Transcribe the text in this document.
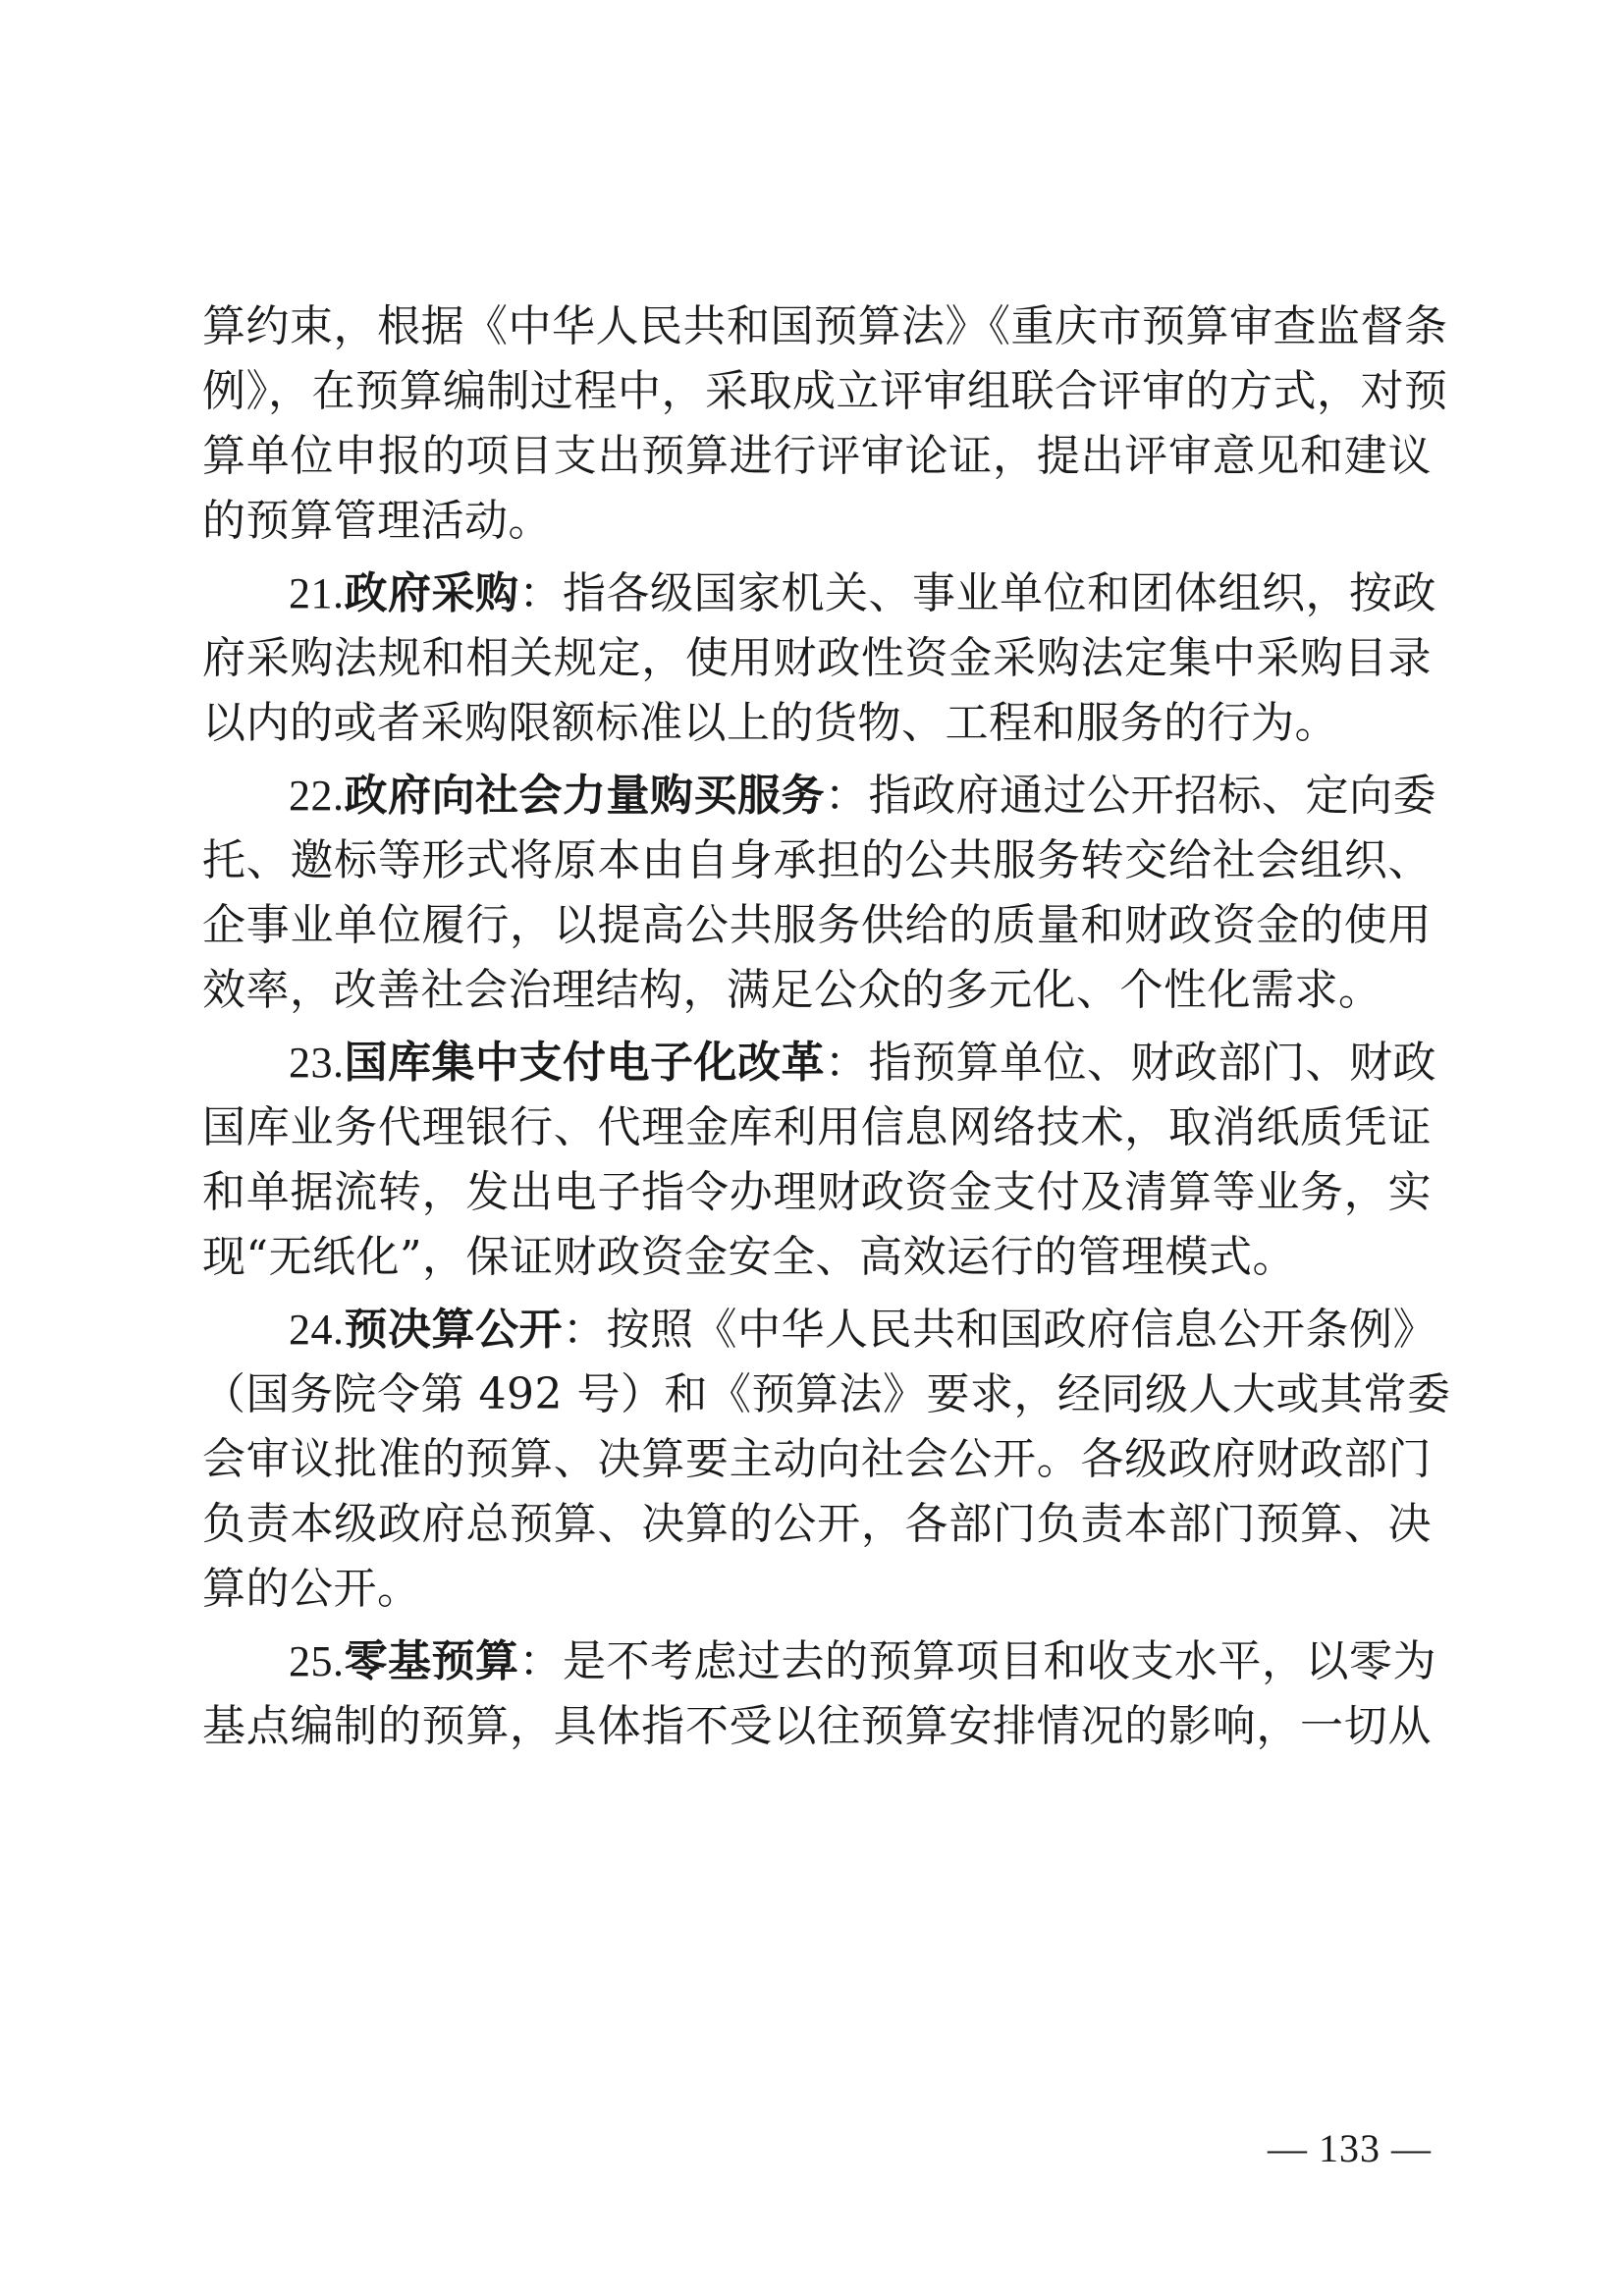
算约束，根据《中华人民共和国预算法》《重庆市预算审查监督条
例》，在预算编制过程中，采取成立评审组联合评审的方式，对预
算单位申报的项目支出预算进行评审论证，提出评审意见和建议
的预算管理活动。
21.政府采购：指各级国家机关、事业单位和团体组织，按政
府采购法规和相关规定，使用财政性资金采购法定集中采购目录
以内的或者采购限额标准以上的货物、工程和服务的行为。
22.政府向社会力量购买服务：指政府通过公开招标、定向委
托、邀标等形式将原本由自身承担的公共服务转交给社会组织、
企事业单位履行，以提高公共服务供给的质量和财政资金的使用
效率，改善社会治理结构，满足公众的多元化、个性化需求。
23.国库集中支付电子化改革：指预算单位、财政部门、财政
国库业务代理银行、代理金库利用信息网络技术，取消纸质凭证
和单据流转，发出电子指令办理财政资金支付及清算等业务，实
现“无纸化”，保证财政资金安全、高效运行的管理模式。
24.预决算公开：按照《中华人民共和国政府信息公开条例》
（国务院令第 492 号）和《预算法》要求，经同级人大或其常委
会审议批准的预算、决算要主动向社会公开。各级政府财政部门
负责本级政府总预算、决算的公开，各部门负责本部门预算、决
算的公开。
25.零基预算：是不考虑过去的预算项目和收支水平，以零为
基点编制的预算，具体指不受以往预算安排情况的影响，一切从
— 133 —
